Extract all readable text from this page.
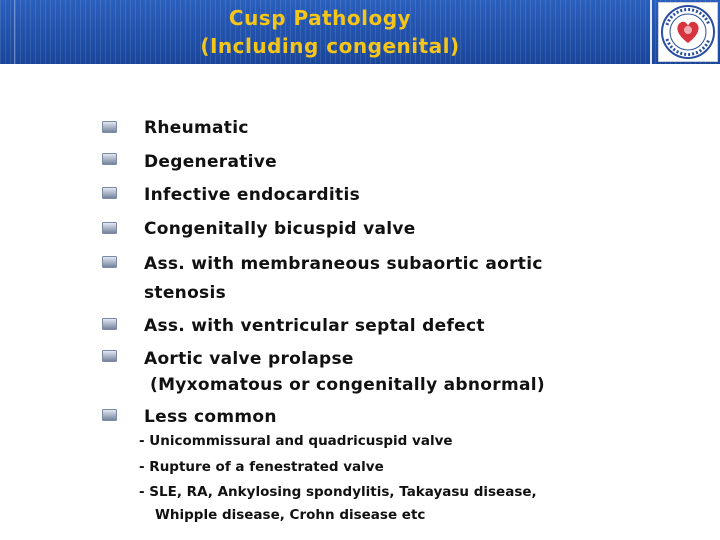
Cusp Pathology
(Including congenital)
Rheumatic
Degenerative
Infective endocarditis
Congenitally bicuspid valve
Ass. with membraneous subaortic aortic
stenosis
Ass. with ventricular septal defect
Aortic valve prolapse
(Myxomatous or congenitally abnormal)
Less common
- Unicommissural and quadricuspid valve
- Rupture of a fenestrated valve
- SLE, RA, Ankylosing spondylitis, Takayasu disease,
Whipple disease, Crohn disease etc
